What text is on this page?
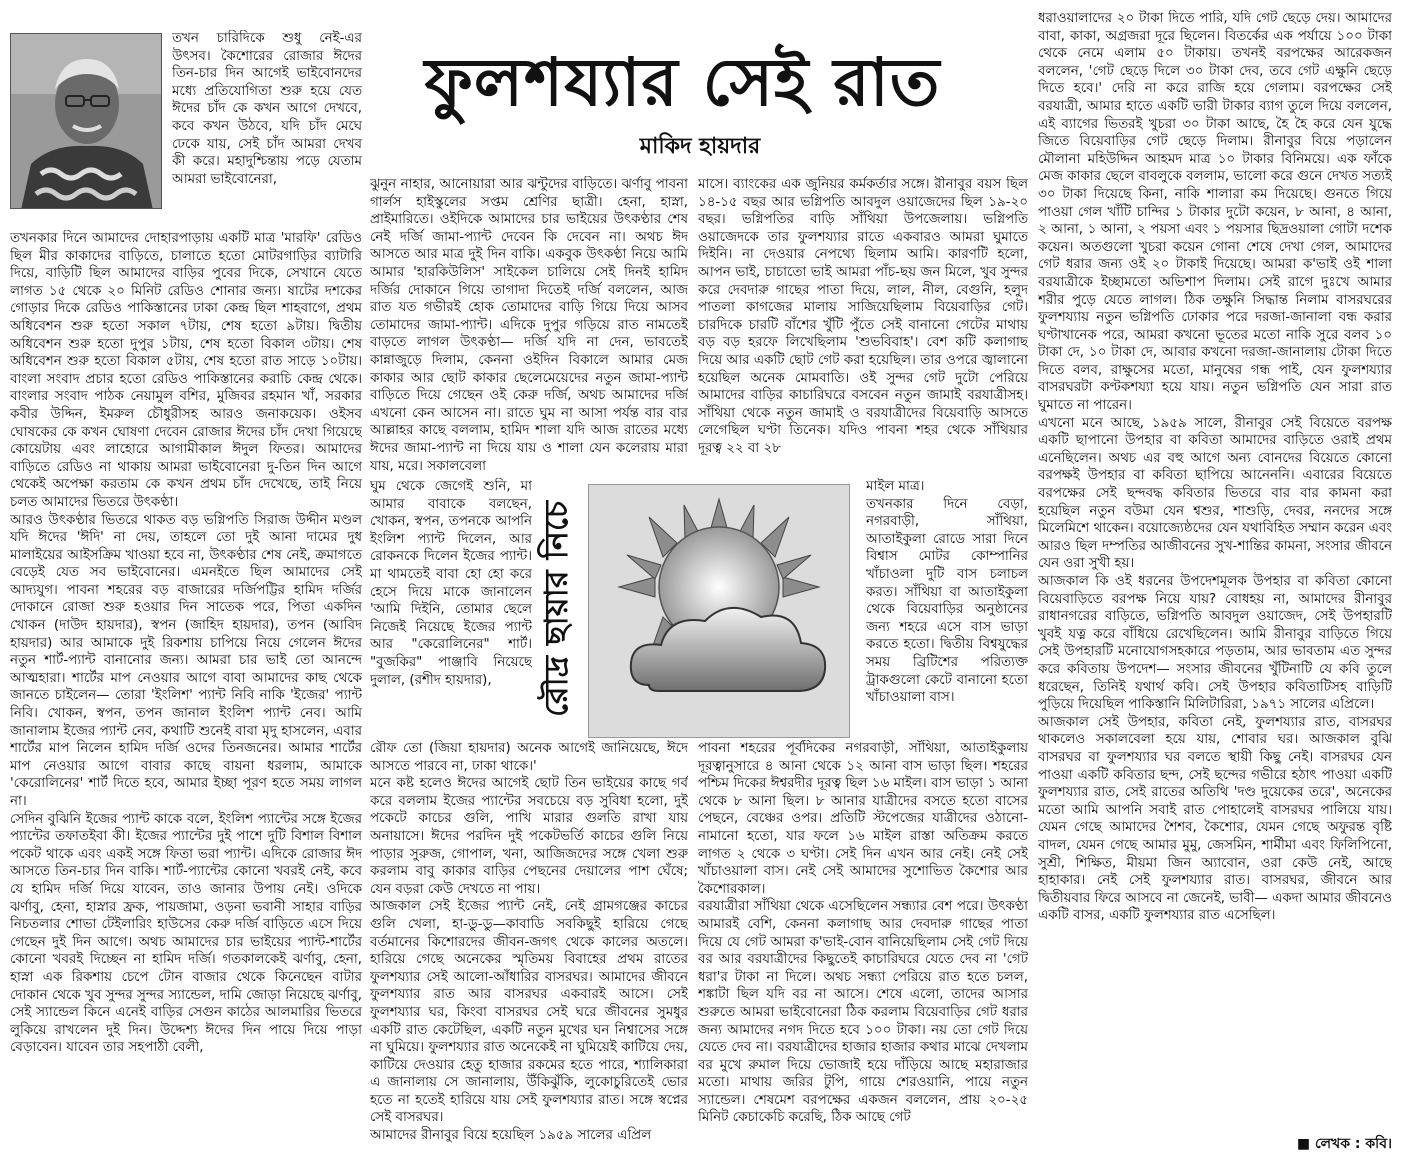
ফুলশয্যার সেই রাত
মাকিদ হায়দার

তখন চারিদিকে শুধু নেই-এর উৎসব। কৈশোরের রোজার ঈদের তিন-চার দিন আগেই ভাইবোনদের মধ্যে প্রতিযোগিতা শুরু হয়ে যেত ঈদের চাঁদ কে কখন আগে দেখবে, কবে কখন উঠবে, যদি চাঁদ মেঘে ঢেকে যায়, সেই চাঁদ আমরা দেখব কী করে। মহাদুশ্চিন্তায় পড়ে যেতাম আমরা ভাইবোনেরা,

তখনকার দিনে আমাদের দোহারপাড়ায় একটি মাত্র 'মারফি' রেডিও ছিল মীর কাকাদের বাড়িতে, চালাতে হতো মোটরগাড়ির ব্যাটারি দিয়ে, বাড়িটি ছিল আমাদের বাড়ির পুবের দিকে, সেখানে যেতে লাগত ১৫ থেকে ২০ মিনিট রেডিও শোনার জন্য। ষাটের দশকের গোড়ার দিকে রেডিও পাকিস্তানের ঢাকা কেন্দ্র ছিল শাহবাগে, প্রথম অধিবেশন শুরু হতো সকাল ৭টায়, শেষ হতো ৯টায়। দ্বিতীয় অধিবেশন শুরু হতো দুপুর ১টায়, শেষ হতো বিকাল ৩টায়। শেষ অধিবেশন শুরু হতো বিকাল ৫টায়, শেষ হতো রাত সাড়ে ১০টায়। বাংলা সংবাদ প্রচার হতো রেডিও পাকিস্তানের করাচি কেন্দ্র থেকে। বাংলার সংবাদ পাঠক নেয়ামুল বশির, মুজিবর রহমান খাঁ, সরকার কবীর উদ্দিন, ইমরুল চৌধুরীসহ আরও জনাকয়েক। ওইসব ঘোষকের কে কখন ঘোষণা দেবেন রোজার ঈদের চাঁদ দেখা গিয়েছে কোয়েটায় এবং লাহোরে আগামীকাল ঈদুল ফিতর। আমাদের বাড়িতে রেডিও না থাকায় আমরা ভাইবোনেরা দু-তিন দিন আগে থেকেই অপেক্ষা করতাম কে কখন প্রথম চাঁদ দেখেছে, তাই নিয়ে চলত আমাদের ভিতরে উৎকণ্ঠা।
আরও উৎকণ্ঠার ভিতরে থাকত বড় ভগ্নিপতি সিরাজ উদ্দীন মণ্ডল যদি ঈদের 'ঈদি' না দেয়, তাহলে তো দুই আনা দামের দুধ মালাইয়ের আইসক্রিম খাওয়া হবে না, উৎকণ্ঠার শেষ নেই, ক্রমাগতে বেড়েই যেত সব ভাইবোনের। এমনইতে ছিল আমাদের সেই আদ্যযুগ। পাবনা শহরের বড় বাজারের দর্জিপট্টির হামিদ দর্জির দোকানে রোজা শুরু হওয়ার দিন সাতেক পরে, পিতা একদিন খোকন (দাউদ হায়দার), স্বপন (জাহিদ হায়দার), তপন (আবিদ হায়দার) আর আমাকে দুই রিকশায় চাপিয়ে নিয়ে গেলেন ঈদের নতুন শার্ট-প্যান্ট বানানোর জন্য। আমরা চার ভাই তো আনন্দে আত্মহারা। শার্টের মাপ নেওয়ার আগে বাবা আমাদের কাছ থেকে জানতে চাইলেন— তোরা 'ইংলিশ' প্যান্ট নিবি নাকি 'ইজের' প্যান্ট নিবি। খোকন, স্বপন, তপন জানাল ইংলিশ প্যান্ট নেব। আমি জানালাম ইজের প্যান্ট নেব, কথাটি শুনেই বাবা মৃদু হাসলেন, এবার শার্টের মাপ নিলেন হামিদ দর্জি ওদের তিনজনের। আমার শার্টের মাপ নেওয়ার আগে বাবার কাছে বায়না ধরলাম, আমাকে 'কেরোলিনের' শার্ট দিতে হবে, আমার ইচ্ছা পূরণ হতে সময় লাগল না।
সেদিন বুঝিনি ইজের প্যান্ট কাকে বলে, ইংলিশ প্যান্টের সঙ্গে ইজের প্যান্টের তফাতইবা কী। ইজের প্যান্টের দুই পাশে দুটি বিশাল বিশাল পকেট থাকে এবং একই সঙ্গে ফিতা ভরা প্যান্ট। এদিকে রোজার ঈদ আসতে তিন-চার দিন বাকি। শার্ট-প্যান্টের কোনো খবরই নেই, কবে যে হামিদ দর্জি দিয়ে যাবেন, তাও জানার উপায় নেই। ওদিকে ঝর্ণাবু, হেনা, হাস্নার ফ্রক, পায়জামা, ওড়না ভবানী সাহার বাড়ির নিচতলার শোভা টেইলারিং হাউসের কেরু দর্জি বাড়িতে এসে দিয়ে গেছেন দুই দিন আগে। অথচ আমাদের চার ভাইয়ের প্যান্ট-শার্টের কোনো খবরই দিচ্ছেন না হামিদ দর্জি। গতকালকেই ঝর্ণাবু, হেনা, হাস্না এক রিকশায় চেপে টোন বাজার থেকে কিনেছেন বাটার দোকান থেকে খুব সুন্দর সুন্দর স্যান্ডেল, দামি জোড়া নিয়েছে ঝর্ণাবু, সেই স্যান্ডেল কিনে এনেই বাড়ির সেগুন কাঠের আলমারির ভিতরে লুকিয়ে রাখলেন দুই দিন। উদ্দেশ্য ঈদের দিন পায়ে দিয়ে পাড়া বেড়াবেন। যাবেন তার সহপাঠী বেলী,

ঝুনুন নাহার, আনোয়ারা আর ঝন্টুদের বাড়িতে। ঝর্ণাবু পাবনা গার্লস হাইস্কুলের সপ্তম শ্রেণির ছাত্রী। হেনা, হাস্না, প্রাইমারিতে। ওইদিকে আমাদের চার ভাইয়ের উৎকণ্ঠার শেষ নেই দর্জি জামা-প্যান্ট দেবেন কি দেবেন না। অথচ ঈদ আসতে আর মাত্র দুই দিন বাকি। একবুক উৎকণ্ঠা নিয়ে আমি আমার 'হারকিউলিস' সাইকেল চালিয়ে সেই দিনই হামিদ দর্জির দোকানে গিয়ে তাগাদা দিতেই দর্জি বললেন, আজ রাত যত গভীরই হোক তোমাদের বাড়ি গিয়ে দিয়ে আসব তোমাদের জামা-প্যান্ট। এদিকে দুপুর গড়িয়ে রাত নামতেই বাড়তে লাগল উৎকণ্ঠা— দর্জি যদি না দেন, ভাবতেই কান্নাজুড়ে দিলাম, কেননা ওইদিন বিকালে আমার মেজ কাকার আর ছোট কাকার ছেলেমেয়েদের নতুন জামা-প্যান্ট বাড়িতে দিয়ে গেছেন ওই কেরু দর্জি, অথচ আমাদের দর্জি এখনো কেন আসেন না। রাতে ঘুম না আসা পর্যন্ত বার বার আল্লাহর কাছে বললাম, হামিদ শালা যদি আজ রাতের মধ্যে ঈদের জামা-প্যান্ট না দিয়ে যায় ও শালা যেন কলেরায় মারা যায়, মরে। সকালবেলা

ঘুম থেকে জেগেই শুনি, মা আমার বাবাকে বলছেন, খোকন, স্বপন, তপনকে আপনি ইংলিশ প্যান্ট দিলেন, আর রোকনকে দিলেন ইজের প্যান্ট। মা থামতেই বাবা হো হো করে হেসে দিয়ে মাকে জানালেন 'আমি দিইনি, তোমার ছেলে নিজেই নিয়েছে ইজের প্যান্ট আর "কেরোলিনের" শার্ট। "বুজকির" পাঞ্জাবি নিয়েছে দুলাল, (রশীদ হায়দার),

রৌফ তো (জিয়া হায়দার) অনেক আগেই জানিয়েছে, ঈদে আসতে পারবে না, ঢাকা থাকে।'
মনে কষ্ট হলেও ঈদের আগেই ছোট তিন ভাইয়ের কাছে গর্ব করে বললাম ইজের প্যান্টের সবচেয়ে বড় সুবিধা হলো, দুই পকেটে কাচের গুলি, পাখি মারার গুলতি রাখা যায় অনায়াসে। ঈদের পরদিন দুই পকেটভর্তি কাচের গুলি নিয়ে পাড়ার সুরুজ, গোপাল, খনা, আজিজদের সঙ্গে খেলা শুরু করলাম বাবু কাকার বাড়ির পেছনের দেয়ালের পাশ ঘেঁষে; যেন বড়রা কেউ দেখতে না পায়।
আজকাল সেই ইজের প্যান্ট নেই, নেই গ্রামগঞ্জের কাচের গুলি খেলা, হা-ডু-ডু—কাবাডি সবকিছুই হারিয়ে গেছে বর্তমানের কিশোরদের জীবন-জগৎ থেকে কালের অতলে। হারিয়ে গেছে অনেকের স্মৃতিময় বিবাহের প্রথম রাতের ফুলশয্যার সেই আলো-আঁধারির বাসরঘর। আমাদের জীবনে ফুলশয্যার রাত আর বাসরঘর একবারই আসে। সেই ফুলশয্যার ঘর, কিংবা বাসরঘর সেই ঘরে জীবনের সুমধুর একটি রাত কেটেছিল, একটি নতুন মুখের ঘন নিশ্বাসের সঙ্গে না ঘুমিয়ে। ফুলশয্যার রাত অনেকেই না ঘুমিয়েই কাটিয়ে দেয়, কাটিয়ে দেওয়ার হেতু হাজার রকমের হতে পারে, শ্যালিকারা এ জানালায় সে জানালায়, উঁকিঝুঁকি, লুকোচুরিতেই ভোর হতে না হতেই হারিয়ে যায় সেই ফুলশয্যার রাত। সঙ্গে স্বপ্নের সেই বাসরঘর।
আমাদের রীনাবুর বিয়ে হয়েছিল ১৯৫৯ সালের এপ্রিল

মাসে। ব্যাংকের এক জুনিয়র কর্মকর্তার সঙ্গে। রীনাবুর বয়স ছিল ১৪-১৫ বছর আর ভগ্নিপতি আবদুল ওয়াজেদের ছিল ১৯-২০ বছর। ভগ্নিপতির বাড়ি সাঁথিয়া উপজেলায়। ভগ্নিপতি ওয়াজেদকে তার ফুলশয্যার রাতে একবারও আমরা ঘুমাতে দিইনি। না দেওয়ার নেপথ্যে ছিলাম আমি। কারণটি হলো, আপন ভাই, চাচাতো ভাই আমরা পাঁচ-ছয় জন মিলে, খুব সুন্দর করে দেবদারু গাছের পাতা দিয়ে, লাল, নীল, বেগুনি, হলুদ পাতলা কাগজের মালায় সাজিয়েছিলাম বিয়েবাড়ির গেট। চারদিকে চারটি বাঁশের খুঁটি পুঁতে সেই বানানো গেটের মাথায় বড় বড় হরফে লিখেছিলাম 'শুভবিবাহ'। বেশ কটি কলাগাছ দিয়ে আর একটি ছোট গেট করা হয়েছিল। তার ওপরে জ্বালানো হয়েছিল অনেক মোমবাতি। ওই সুন্দর গেট দুটো পেরিয়ে আমাদের বাড়ির কাচারিঘরে বসবেন নতুন জামাই বরযাত্রীসহ। সাঁথিয়া থেকে নতুন জামাই ও বরযাত্রীদের বিয়েবাড়ি আসতে লেগেছিল ঘণ্টা তিনেক। যদিও পাবনা শহর থেকে সাঁথিয়ার দূরত্ব ২২ বা ২৮

মাইল মাত্র।
তখনকার দিনে বেড়া, নগরবাড়ী, সাঁথিয়া, আতাইকুলা রোডে সারা দিনে বিশ্বাস মোটর কোম্পানির খাঁচাওলা দুটি বাস চলাচল করত। সাঁথিয়া বা আতাইকুলা থেকে বিয়েবাড়ির অনুষ্ঠানের জন্য শহরে এসে বাস ভাড়া করতে হতো। দ্বিতীয় বিশ্বযুদ্ধের সময় ব্রিটিশের পরিত্যক্ত ট্রাকগুলো কেটে বানানো হতো খাঁচাওয়ালা বাস।

পাবনা শহরের পূর্বদিকের নগরবাড়ী, সাঁথিয়া, আতাইকুলায় দূরত্বানুসারে ৪ আনা থেকে ১২ আনা বাস ভাড়া ছিল। শহরের পশ্চিম দিকের ঈশ্বরদীর দূরত্ব ছিল ১৬ মাইল। বাস ভাড়া ১ আনা থেকে ৮ আনা ছিল। ৮ আনার যাত্রীদের বসতে হতো বাসের পেছনে, বেঞ্চের ওপর। প্রতিটি স্টপেজের যাত্রীদের ওঠানো-নামানো হতো, যার ফলে ১৬ মাইল রাস্তা অতিক্রম করতে লাগত ২ থেকে ৩ ঘণ্টা। সেই দিন এখন আর নেই। নেই সেই খাঁচাওয়ালা বাস। নেই সেই আমাদের সুশোভিত কৈশোর আর কৈশোরকাল।
বরযাত্রীরা সাঁথিয়া থেকে এসেছিলেন সন্ধ্যার বেশ পরে। উৎকণ্ঠা আমারই বেশি, কেননা কলাগাছ আর দেবদারু গাছের পাতা দিয়ে যে গেট আমরা ক'ভাই-বোন বানিয়েছিলাম সেই গেট দিয়ে বর আর বরযাত্রীদের কিছুতেই কাচারিঘরে যেতে দেব না 'গেট ধরা'র টাকা না দিলে। অথচ সন্ধ্যা পেরিয়ে রাত হতে চলল, শঙ্কাটা ছিল যদি বর না আসে। শেষে এলো, তাদের আসার শুরুতে আমরা ভাইবোনেরা ঠিক করলাম বিয়েবাড়ির গেট ধরার জন্য আমাদের নগদ দিতে হবে ১০০ টাকা। নয় তো গেট দিয়ে যেতে দেব না। বরযাত্রীদের হাজার হাজার কথার মাঝে দেখলাম বর মুখে রুমাল দিয়ে ভোজাই হয়ে দাঁড়িয়ে আছে মহারাজার মতো। মাথায় জরির টুপি, গায়ে শেরওয়ানি, পায়ে নতুন স্যান্ডেল। শেষমেশ বরপক্ষের একজন বললেন, প্রায় ২০-২৫ মিনিট কেচাকেচি করেছি, ঠিক আছে গেট

রৌদ্র ছায়ার নিচে

ধরাওয়ালাদের ২০ টাকা দিতে পারি, যদি গেট ছেড়ে দেয়। আমাদের বাবা, কাকা, অগ্রজরা দূরে ছিলেন। বিতর্কের এক পর্যায়ে ১০০ টাকা থেকে নেমে এলাম ৫০ টাকায়। তখনই বরপক্ষের আরেকজন বললেন, 'গেট ছেড়ে দিলে ৩০ টাকা দেব, তবে গেট এক্ষুনি ছেড়ে দিতে হবে।' দেরি না করে রাজি হয়ে গেলাম। বরপক্ষের সেই বরযাত্রী, আমার হাতে একটি ভারী টাকার ব্যাগ তুলে দিয়ে বললেন, এই ব্যাগের ভিতরই খুচরা ৩০ টাকা আছে, হৈ হৈ করে যেন যুদ্ধে জিতে বিয়েবাড়ির গেট ছেড়ে দিলাম। রীনাবুর বিয়ে পড়ালেন মৌলানা মহিউদ্দিন আহমদ মাত্র ১০ টাকার বিনিময়ে। এক ফাঁকে মেজ কাকার ছেলে বাবলুকে বললাম, ভালো করে গুনে দেখত সত্যই ৩০ টাকা দিয়েছে কিনা, নাকি শালারা কম দিয়েছে। গুনতে গিয়ে পাওয়া গেল খাঁটি চান্দির ১ টাকার দুটো কয়েন, ৮ আনা, ৪ আনা, ২ আনা, ১ আনা, ২ পয়সা এবং ১ পয়সার ছিদ্রওয়ালা গোটা দশেক কয়েন। অতগুলো খুচরা কয়েন গোনা শেষে দেখা গেল, আমাদের গেট ধরার জন্য ওই ২০ টাকাই দিয়েছে। আমরা ক'ভাই ওই শালা বরযাত্রীকে ইচ্ছামতো অভিশাপ দিলাম। সেই রাগে দুঃখে আমার শরীর পুড়ে যেতে লাগল। ঠিক তক্ষুনি সিদ্ধান্ত নিলাম বাসরঘরের ফুলশয্যায় নতুন ভগ্নিপতি ঢোকার পরে দরজা-জানালা বন্ধ করার ঘণ্টাখানেক পরে, আমরা কখনো ভূতের মতো নাকি সুরে বলব ১০ টাকা দে, ১০ টাকা দে, আবার কখনো দরজা-জানালায় টোকা দিতে দিতে বলব, রাক্ষুসের মতো, মানুষের গন্ধ পাই, যেন ফুলশয্যার বাসরঘরটা কণ্টকশয্যা হয়ে যায়। নতুন ভগ্নিপতি যেন সারা রাত ঘুমাতে না পারেন।
এখনো মনে আছে, ১৯৫৯ সালে, রীনাবুর সেই বিয়েতে বরপক্ষ একটি ছাপানো উপহার বা কবিতা আমাদের বাড়িতে ওরাই প্রথম এনেছিলেন। অথচ এর বহু আগে অন্য বোনদের বিয়েতে কোনো বরপক্ষই উপহার বা কবিতা ছাপিয়ে আনেননি। এবারের বিয়েতে বরপক্ষের সেই ছন্দবদ্ধ কবিতার ভিতরে বার বার কামনা করা হয়েছিল নতুন বউমা যেন শ্বশুর, শাশুড়ি, দেবর, ননদের সঙ্গে মিলেমিশে থাকেন। বয়োজ্যেষ্ঠদের যেন যথাবিহিত সম্মান করেন এবং আরও ছিল দম্পতির আজীবনের সুখ-শান্তির কামনা, সংসার জীবনে যেন ওরা সুখী হয়।
আজকাল কি ওই ধরনের উপদেশমূলক উপহার বা কবিতা কোনো বিয়েবাড়িতে বরপক্ষ নিয়ে যায়? বোধহয় না, আমাদের রীনাবুর রাধানগরের বাড়িতে, ভগ্নিপতি আবদুল ওয়াজেদ, সেই উপহারটি খুবই যত্ন করে বাঁধিয়ে রেখেছিলেন। আমি রীনাবুর বাড়িতে গিয়ে সেই উপহারটি মনোযোগসহকারে পড়তাম, আর ভাবতাম এত সুন্দর করে কবিতায় উপদেশ— সংসার জীবনের খুঁটিনাটি যে কবি তুলে ধরেছেন, তিনিই যথার্থ কবি। সেই উপহার কবিতাটিসহ বাড়িটি পুড়িয়ে দিয়েছিল পাকিস্তানি মিলিটারিরা, ১৯৭১ সালের এপ্রিলে।
আজকাল সেই উপহার, কবিতা নেই, ফুলশয্যার রাত, বাসরঘর থাকলেও সকালবেলা হয়ে যায়, শোবার ঘর। আজকাল বুঝি বাসরঘর বা ফুলশয্যার ঘর বলতে স্থায়ী কিছু নেই। বাসরঘর যেন পাওয়া একটি কবিতার ছন্দ, সেই ছন্দের গভীরে হঠাৎ পাওয়া একটি ফুলশয্যার রাত, সেই রাতের অতিথি 'দণ্ড দুয়েকের তরে', অনেকের মতো আমি আপনি সবাই রাত পোহালেই বাসরঘর পালিয়ে যায়। যেমন গেছে আমাদের শৈশব, কৈশোর, যেমন গেছে অফুরন্ত বৃষ্টি বাদল, যেমন গেছে আমার মুমু, জেসমিন, শার্মীমা এবং ফিলিপিনো, সুশ্রী, শিক্ষিত, মীয়মা জিন অ্যাবোন, ওরা কেউ নেই, আছে হাহাকার। নেই সেই ফুলশয্যার রাত। বাসরঘর, জীবনে আর দ্বিতীয়বার ফিরে আসবে না জেনেই, ভাবী— একদা আমার জীবনেও একটি বাসর, একটি ফুলশয্যার রাত এসেছিল।

■ লেখক : কবি।
